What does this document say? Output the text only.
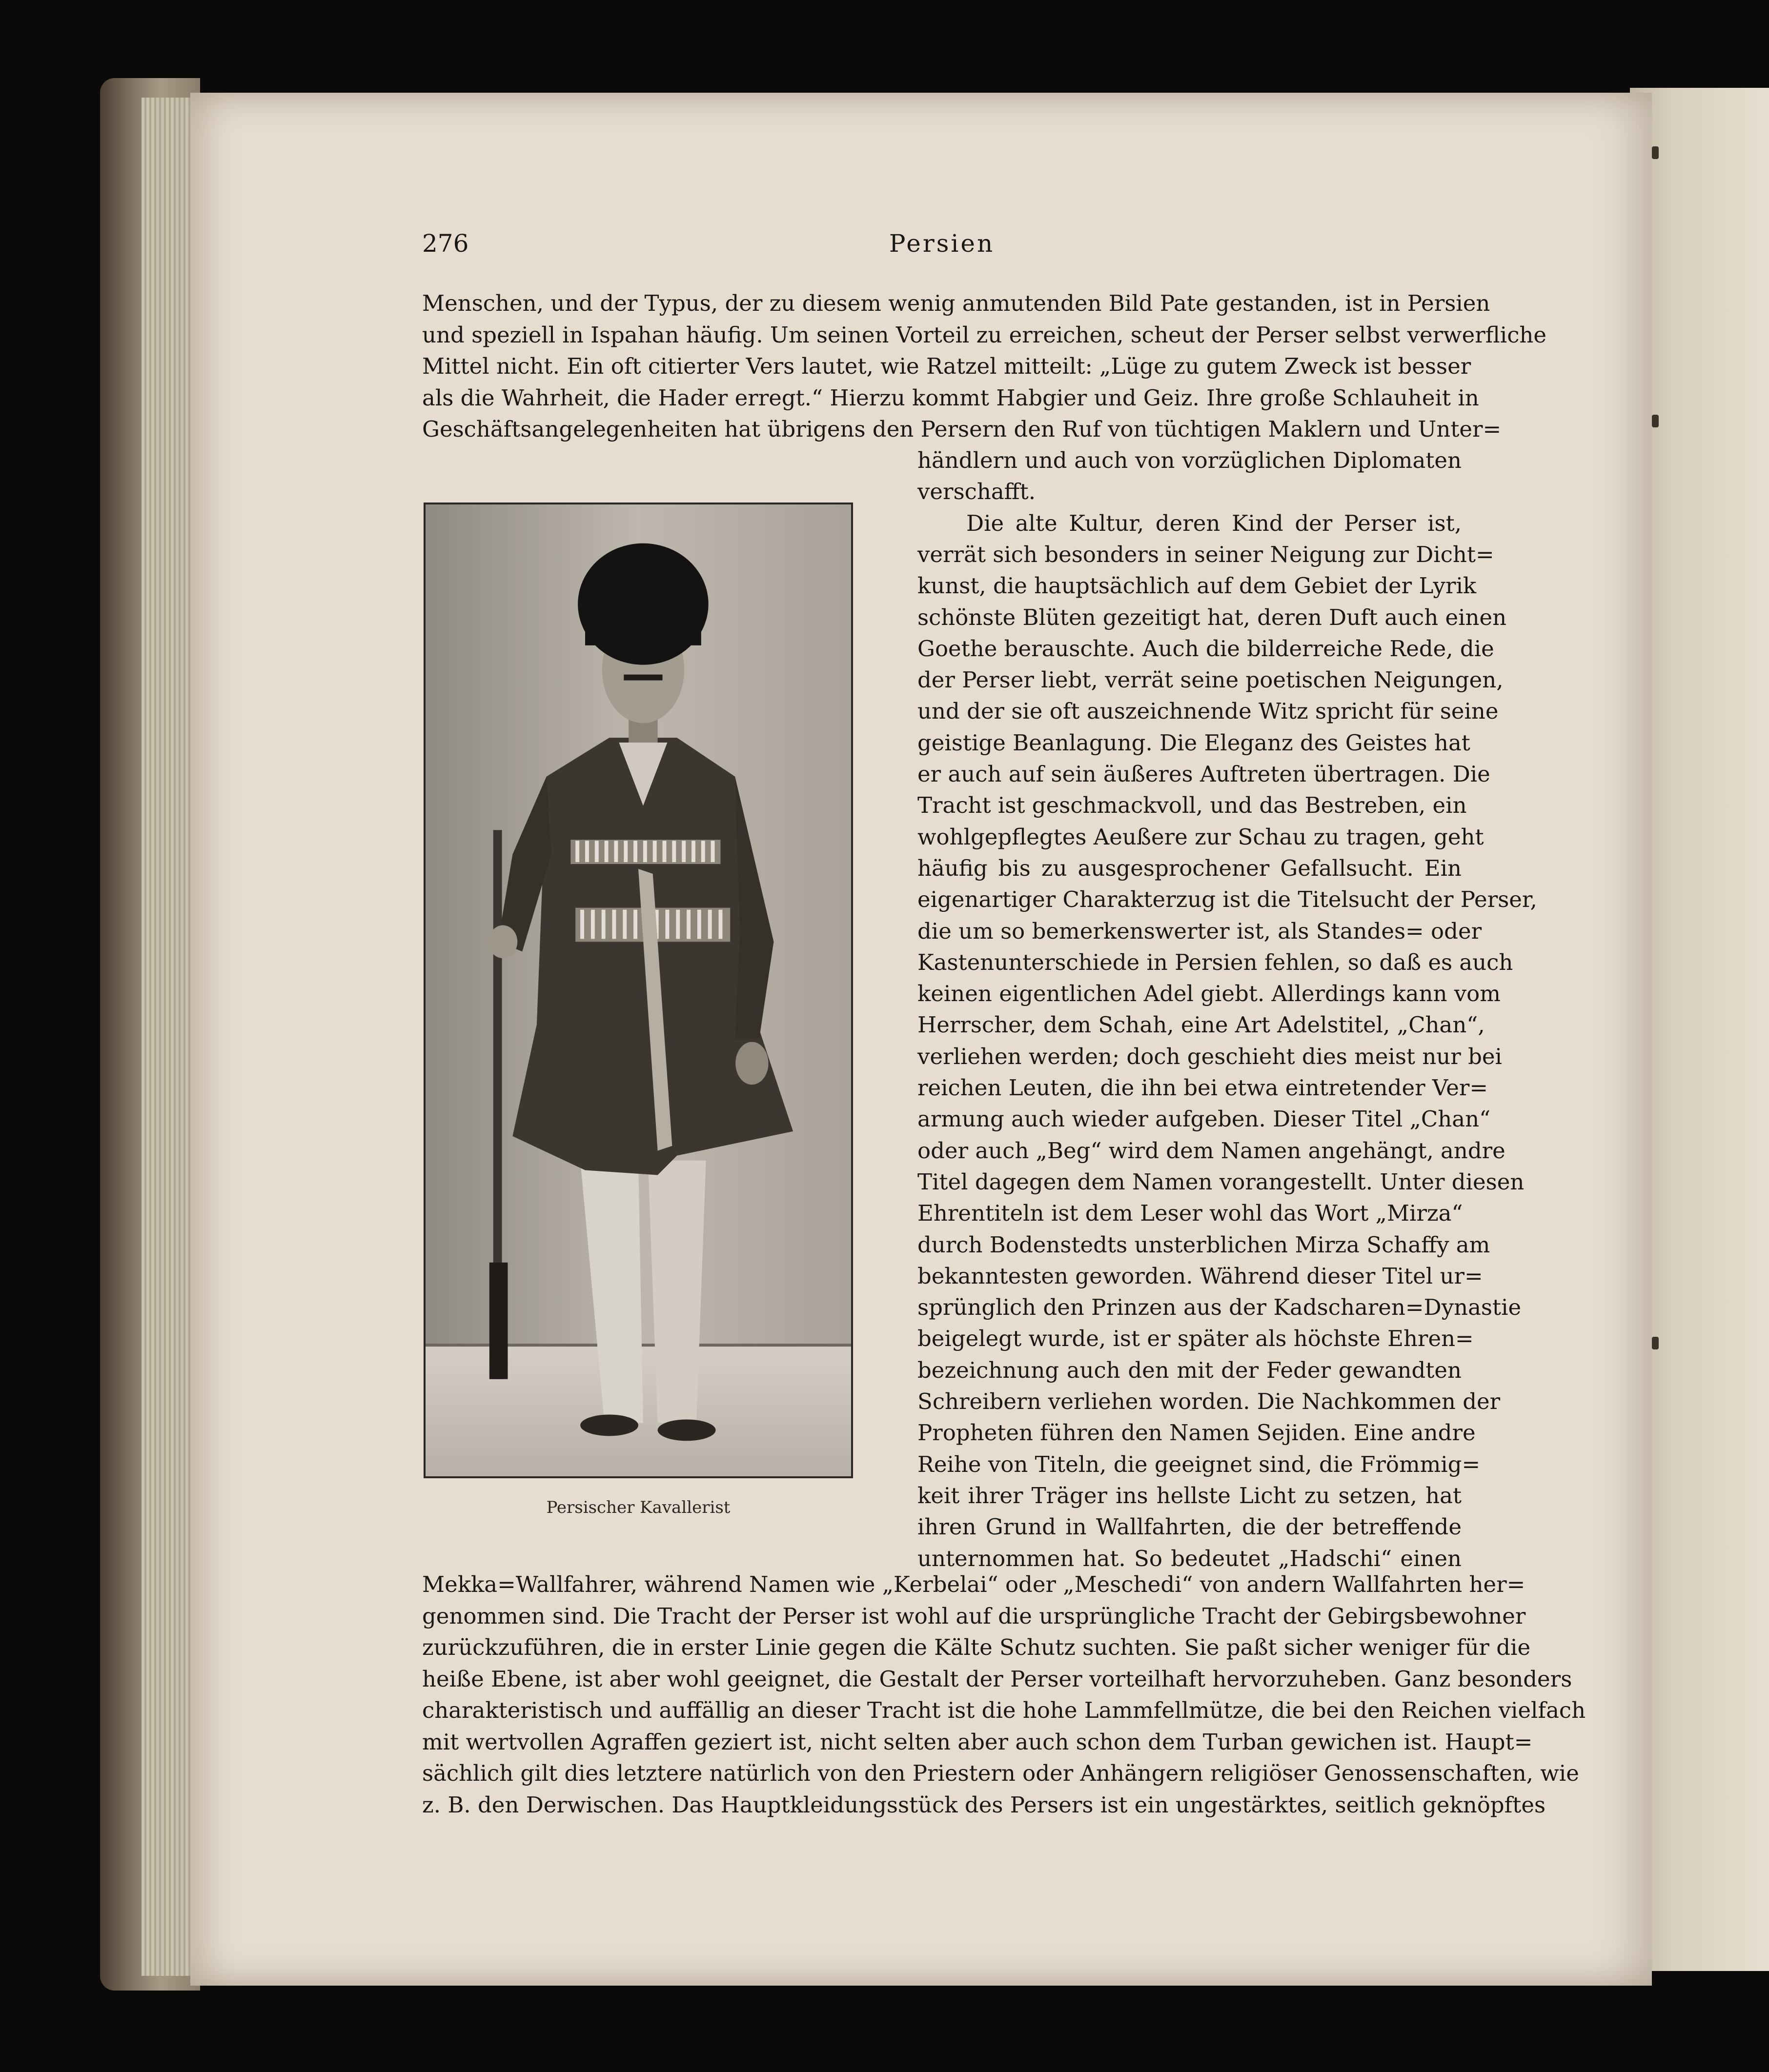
276	Persien
Menschen, und der Typus, der zu diesem wenig anmutenden Bild Pate gestanden, ist in Persien
und speziell in Ispahan häufig. Um seinen Vorteil zu erreichen, scheut der Perser selbst verwerfliche
Mittel nicht. Ein oft citierter Vers lautet, wie Ratzel mitteilt: „Lüge zu gutem Zweck ist besser
als die Wahrheit, die Hader erregt.“ Hierzu kommt Habgier und Geiz. Ihre große Schlauheit in
Geschäftsangelegenheiten hat übrigens den Persern den Ruf von tüchtigen Maklern und Unter=
händlern und auch von vorzüglichen Diplomaten
verschafft.
Die alte Kultur, deren Kind der Perser ist,
verrät sich besonders in seiner Neigung zur Dicht=
kunst, die hauptsächlich auf dem Gebiet der Lyrik
schönste Blüten gezeitigt hat, deren Duft auch einen
Goethe berauschte. Auch die bilderreiche Rede, die
der Perser liebt, verrät seine poetischen Neigungen,
und der sie oft auszeichnende Witz spricht für seine
geistige Beanlagung. Die Eleganz des Geistes hat
er auch auf sein äußeres Auftreten übertragen. Die
Tracht ist geschmackvoll, und das Bestreben, ein
wohlgepflegtes Aeußere zur Schau zu tragen, geht
häufig bis zu ausgesprochener Gefallsucht. Ein
eigenartiger Charakterzug ist die Titelsucht der Perser,
die um so bemerkenswerter ist, als Standes= oder
Kastenunterschiede in Persien fehlen, so daß es auch
keinen eigentlichen Adel giebt. Allerdings kann vom
Herrscher, dem Schah, eine Art Adelstitel, „Chan“,
verliehen werden; doch geschieht dies meist nur bei
reichen Leuten, die ihn bei etwa eintretender Ver=
armung auch wieder aufgeben. Dieser Titel „Chan“
oder auch „Beg“ wird dem Namen angehängt, andre
Titel dagegen dem Namen vorangestellt. Unter diesen
Ehrentiteln ist dem Leser wohl das Wort „Mirza“
durch Bodenstedts unsterblichen Mirza Schaffy am
bekanntesten geworden. Während dieser Titel ur=
sprünglich den Prinzen aus der Kadscharen=Dynastie
beigelegt wurde, ist er später als höchste Ehren=
bezeichnung auch den mit der Feder gewandten
Schreibern verliehen worden. Die Nachkommen der
Propheten führen den Namen Sejiden. Eine andre
Reihe von Titeln, die geeignet sind, die Frömmig=
keit ihrer Träger ins hellste Licht zu setzen, hat
ihren Grund in Wallfahrten, die der betreffende
unternommen hat. So bedeutet „Hadschi“ einen
Mekka=Wallfahrer, während Namen wie „Kerbelai“ oder „Meschedi“ von andern Wallfahrten her=
genommen sind. Die Tracht der Perser ist wohl auf die ursprüngliche Tracht der Gebirgsbewohner
zurückzuführen, die in erster Linie gegen die Kälte Schutz suchten. Sie paßt sicher weniger für die
heiße Ebene, ist aber wohl geeignet, die Gestalt der Perser vorteilhaft hervorzuheben. Ganz besonders
charakteristisch und auffällig an dieser Tracht ist die hohe Lammfellmütze, die bei den Reichen vielfach
mit wertvollen Agraffen geziert ist, nicht selten aber auch schon dem Turban gewichen ist. Haupt=
sächlich gilt dies letztere natürlich von den Priestern oder Anhängern religiöser Genossenschaften, wie
z. B. den Derwischen. Das Hauptkleidungsstück des Persers ist ein ungestärktes, seitlich geknöpftes
Persischer Kavallerist
